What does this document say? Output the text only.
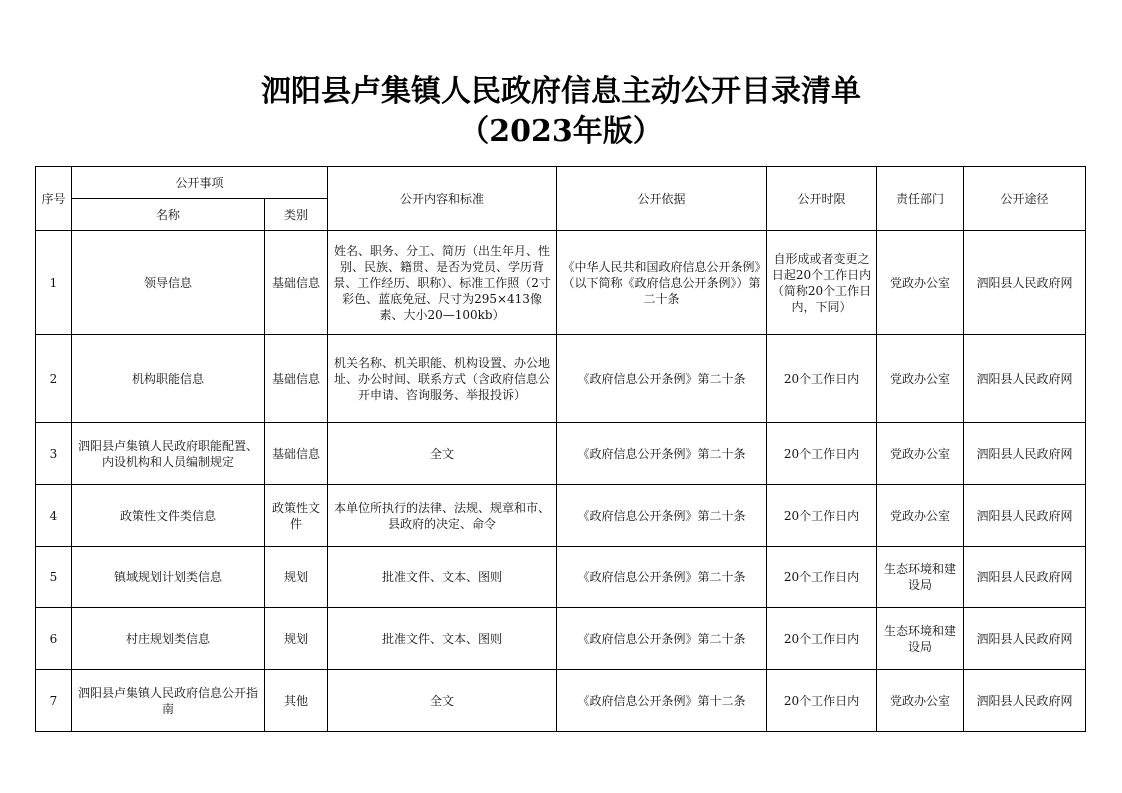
泗阳县卢集镇人民政府信息主动公开目录清单
（2023年版）
序号	公开事项		公开内容和标准	公开依据	公开时限	责任部门	公开途径
	名称	类别					
1	领导信息	基础信息	姓名、职务、分工、简历（出生年月、性别、民族、籍贯、是否为党员、学历背景、工作经历、职称）、标准工作照（2寸彩色、蓝底免冠、尺寸为295×413像素、大小20—100kb）	《中华人民共和国政府信息公开条例》（以下简称《政府信息公开条例》）第二十条	自形成或者变更之日起20个工作日内（简称20个工作日内，下同）	党政办公室	泗阳县人民政府网
2	机构职能信息	基础信息	机关名称、机关职能、机构设置、办公地址、办公时间、联系方式（含政府信息公开申请、咨询服务、举报投诉）	《政府信息公开条例》第二十条	20个工作日内	党政办公室	泗阳县人民政府网
3	泗阳县卢集镇人民政府职能配置、内设机构和人员编制规定	基础信息	全文	《政府信息公开条例》第二十条	20个工作日内	党政办公室	泗阳县人民政府网
4	政策性文件类信息	政策性文件	本单位所执行的法律、法规、规章和市、县政府的决定、命令	《政府信息公开条例》第二十条	20个工作日内	党政办公室	泗阳县人民政府网
5	镇域规划计划类信息	规划	批准文件、文本、图则	《政府信息公开条例》第二十条	20个工作日内	生态环境和建设局	泗阳县人民政府网
6	村庄规划类信息	规划	批准文件、文本、图则	《政府信息公开条例》第二十条	20个工作日内	生态环境和建设局	泗阳县人民政府网
7	泗阳县卢集镇人民政府信息公开指南	其他	全文	《政府信息公开条例》第十二条	20个工作日内	党政办公室	泗阳县人民政府网
